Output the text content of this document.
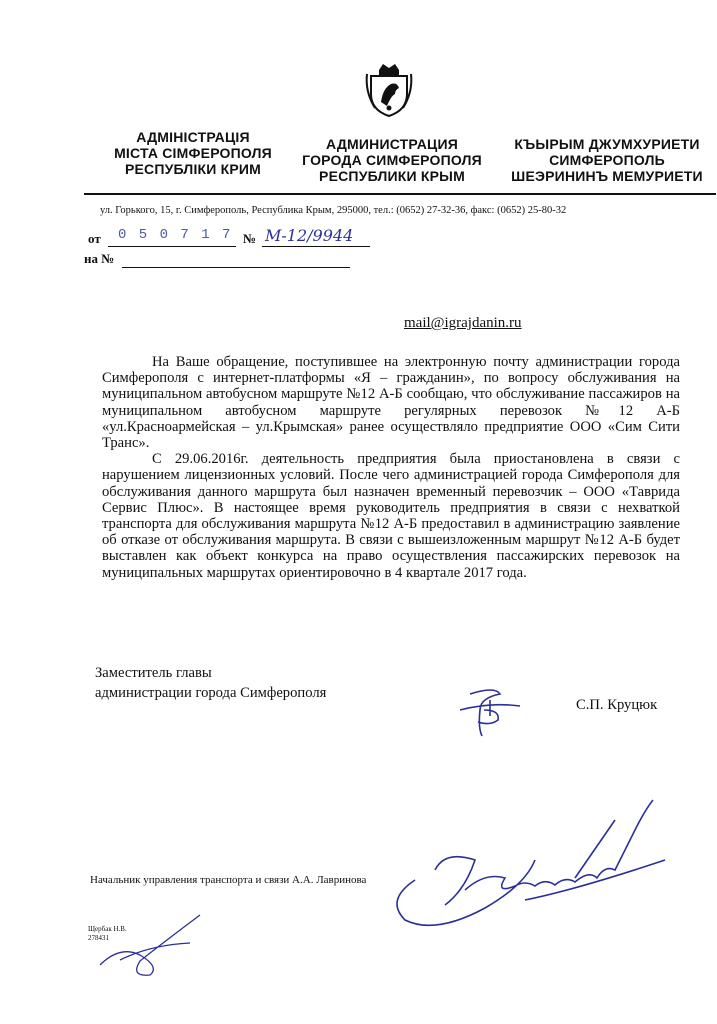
АДМІНІСТРАЦІЯ
МІСТА СІМФЕРОПОЛЯ
РЕСПУБЛІКИ КРИМ
АДМИНИСТРАЦИЯ
ГОРОДА СИМФЕРОПОЛЯ
РЕСПУБЛИКИ КРЫМ
КЪЫРЫМ ДЖУМХУРИЕТИ
СИМФЕРОПОЛЬ
ШЕЭРИНИНЪ МЕМУРИЕТИ
ул. Горького, 15, г. Симферополь, Республика Крым, 295000, тел.: (0652) 27-32-36, факс: (0652) 25-80-32
от 0 5 0 7 1 7 № М-12/9944
на №
mail@igrajdanin.ru

На Ваше обращение, поступившее на электронную почту администрации города Симферополя с интернет-платформы «Я – гражданин», по вопросу обслуживания на муниципальном автобусном маршруте №12 А-Б сообщаю, что обслуживание пассажиров на муниципальном автобусном маршруте регулярных перевозок №12 А-Б «ул.Красноармейская – ул.Крымская» ранее осуществляло предприятие ООО «Сим Сити Транс».

С 29.06.2016г. деятельность предприятия была приостановлена в связи с нарушением лицензионных условий. После чего администрацией города Симферополя для обслуживания данного маршрута был назначен временный перевозчик – ООО «Таврида Сервис Плюс». В настоящее время руководитель предприятия в связи с нехваткой транспорта для обслуживания маршрута №12 А-Б предоставил в администрацию заявление об отказе от обслуживания маршрута. В связи с вышеизложенным маршрут №12 А-Б будет выставлен как объект конкурса на право осуществления пассажирских перевозок на муниципальных маршрутах ориентировочно в 4 квартале 2017 года.

Заместитель главы
администрации города Симферополя
С.П. Круцюк
Начальник управления транспорта и связи А.А. Лавринова
Щербак Н.В.
278431
